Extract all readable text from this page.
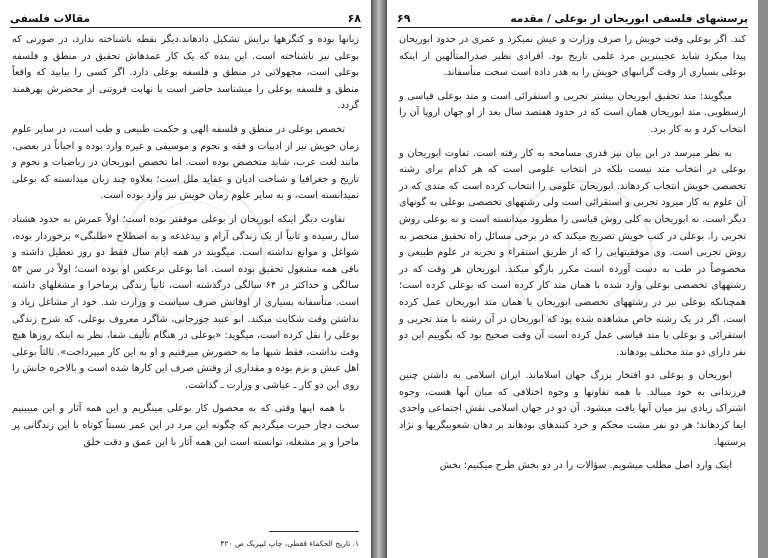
۶۸
مقالات فلسفی

زبانها بوده و کنگرهها برایش تشکیل دادهاند.دیگر نقطه ناشناخته ندارد، در صورتی که بوعلی نیز ناشناخته است. این بنده که یک کار عمدهاش تحقیق در منطق و فلسفه بوعلی است، مجهولاتی در منطق و فلسفه بوعلی دارد. اگر کسی را بیابید که واقعاً منطق و فلسفه بوعلی را میشناسد حاضر است با نهایت فروتنی از محضرش بهرهمند گردد.

تخصص بوعلی در منطق و فلسفه الهی و حکمت طبیعی و طب است، در سایر علوم زمان خویش نیز از ادبیات و فقه و نجوم و موسیقی و غیره وارد بوده و احیاناً در بعضی، مانند لغت عرب، شاید متخصص بوده است. اما تخصص ابوریحان در ریاضیات و نجوم و تاریخ و جغرافیا و شناخت ادیان و عقاید ملل است؛ بعلاوه چند زبان میدانسته که بوعلی نمیدانسته است، و به سایر علوم زمان خویش نیز وارد بوده است.

تفاوت دیگر اینکه ابوریحان از بوعلی موفقتر بوده است؛ اولاً عمرش به حدود هشتاد سال رسیده و ثانیاً از یک زندگی آرام و بیدغدغه و به اصطلاح «طلبگی» برخوردار بوده، شواغل و موانع نداشته است. میگویند در همه ایام سال فقط دو روز تعطیل داشته و باقی همه مشغول تحقیق بوده است. اما بوعلی برعکس او بوده است؛ اولاً در سن ۵۴ سالگی و حداکثر در ۶۴ سالگی درگذشته است، ثانیاً زندگی پرماجرا و مشغلهای داشته است. متأسفانه بسیاری از اوقاتش صرف سیاست و وزارت شد. خود از مشاغل زیاد و نداشتن وقت شکایت میکند. ابو عبید جوزجانی، شاگرد معروف بوعلی، که شرح زندگی بوعلی را نقل کرده است، میگوید: «بوعلی در هنگام تألیف شفا، نظر به اینکه روزها هیچ وقت نداشت، فقط شبها ما به حضورش میرفتیم و او به این کار میپرداخت». ثالثاً بوعلی اهل عیش و بزم بوده و مقداری از وقتش صرف این کارها شده است و بالاخره جانش را روی این دو کار ـ عیاشی و وزارت ـ گذاشت.

با همه اینها وقتی که به محصول کار بوعلی مینگریم و این همه آثار و این میبینیم سخت دچار حیرت میگردیم که چگونه این مرد در این عمر نسبتاً کوتاه با این زندگانی پر ماجرا و پر مشغله، توانسته است این همه آثار با این عمق و دقت خلق

۱. تاریخ الحکماء قفطی، چاپ لیپزیک ص ۴۲۰
پرسشهای فلسفی ابوریحان از بوعلی / مقدمه
۶۹

کند. اگر بوعلی وقت خویش را صرف وزارت و عیش نمیکرد و عمری در حدود ابوریحان پیدا میکرد شاید عجیبترین مرد علمی تاریخ بود. افرادی نظیر صدرالمتألهین از اینکه بوعلی بسیاری از وقت گرانبهای خویش را به هدر داده است سخت متأسفاند.

میگویند: متد تحقیق ابوریحان بیشتر تجربی و استقرائی است و متد بوعلی قیاسی و ارسطویی. متد ابوریحان همان است که در حدود هفتصد سال بعد از او جهان اروپا آن را انتخاب کرد و به کار برد.

به نظر میرسد در این بیان نیز قدری مسامحه به کار رفته است. تفاوت ابوریحان و بوعلی در انتخاب متد نیست بلکه در انتخاب علومی است که هر کدام برای رشته تخصصی خویش انتخاب کردهاند. ابوریحان علومی را انتخاب کرده است که متدی که در آن علوم به کار میرود تجربی و استقرائی است ولی رشتههای تخصصی بوعلی به گونهای دیگر است. نه ابوریحان به کلی روش قیاسی را مطرود میدانسته است و نه بوعلی روش تجربی را. بوعلی در کتب خویش تصریح میکند که در برخی مسائل راه تحقیق منحصر به روش تجربی است. وی موفقیتهایی را که از طریق استقراء و تجربه در علوم طبیعی و مخصوصاً در طب به دست آورده است مکرر بازگو میکند. ابوریحان هر وقت که در رشتههای تخصصی بوعلی وارد شده با همان متد کار کرده است که بوعلی کرده است؛ همچنانکه بوعلی نیز در رشتههای تخصصی ابوریحان با همان متد ابوریحان عمل کرده است. اگر در یک رشته خاص مشاهده شده بود که ابوریحان در آن رشته با متد تجربی و استقرائی و بوعلی با متد قیاسی عمل کرده است آن وقت صحیح بود که بگوییم این دو نفر دارای دو متد مختلف بودهاند.

ابوریحان و بوعلی دو افتخار بزرگ جهان اسلاماند. ایران اسلامی به داشتن چنین فرزندانی به خود میبالد. با همه تفاوتها و وجوه اختلافی که میان آنها هست، وجوه اشتراک زیادی نیز میان آنها یافت میشود. آن دو در جهان اسلامی نقش اجتماعی واحدی ایفا کردهاند؛ هر دو نفر مشت محکم و خرد کنندهای بودهاند بر دهان شعوبیگریها و نژاد پرستیها.

اینک وارد اصل مطلب میشویم. سؤالات را در دو بخش طرح میکنیم: بخش
